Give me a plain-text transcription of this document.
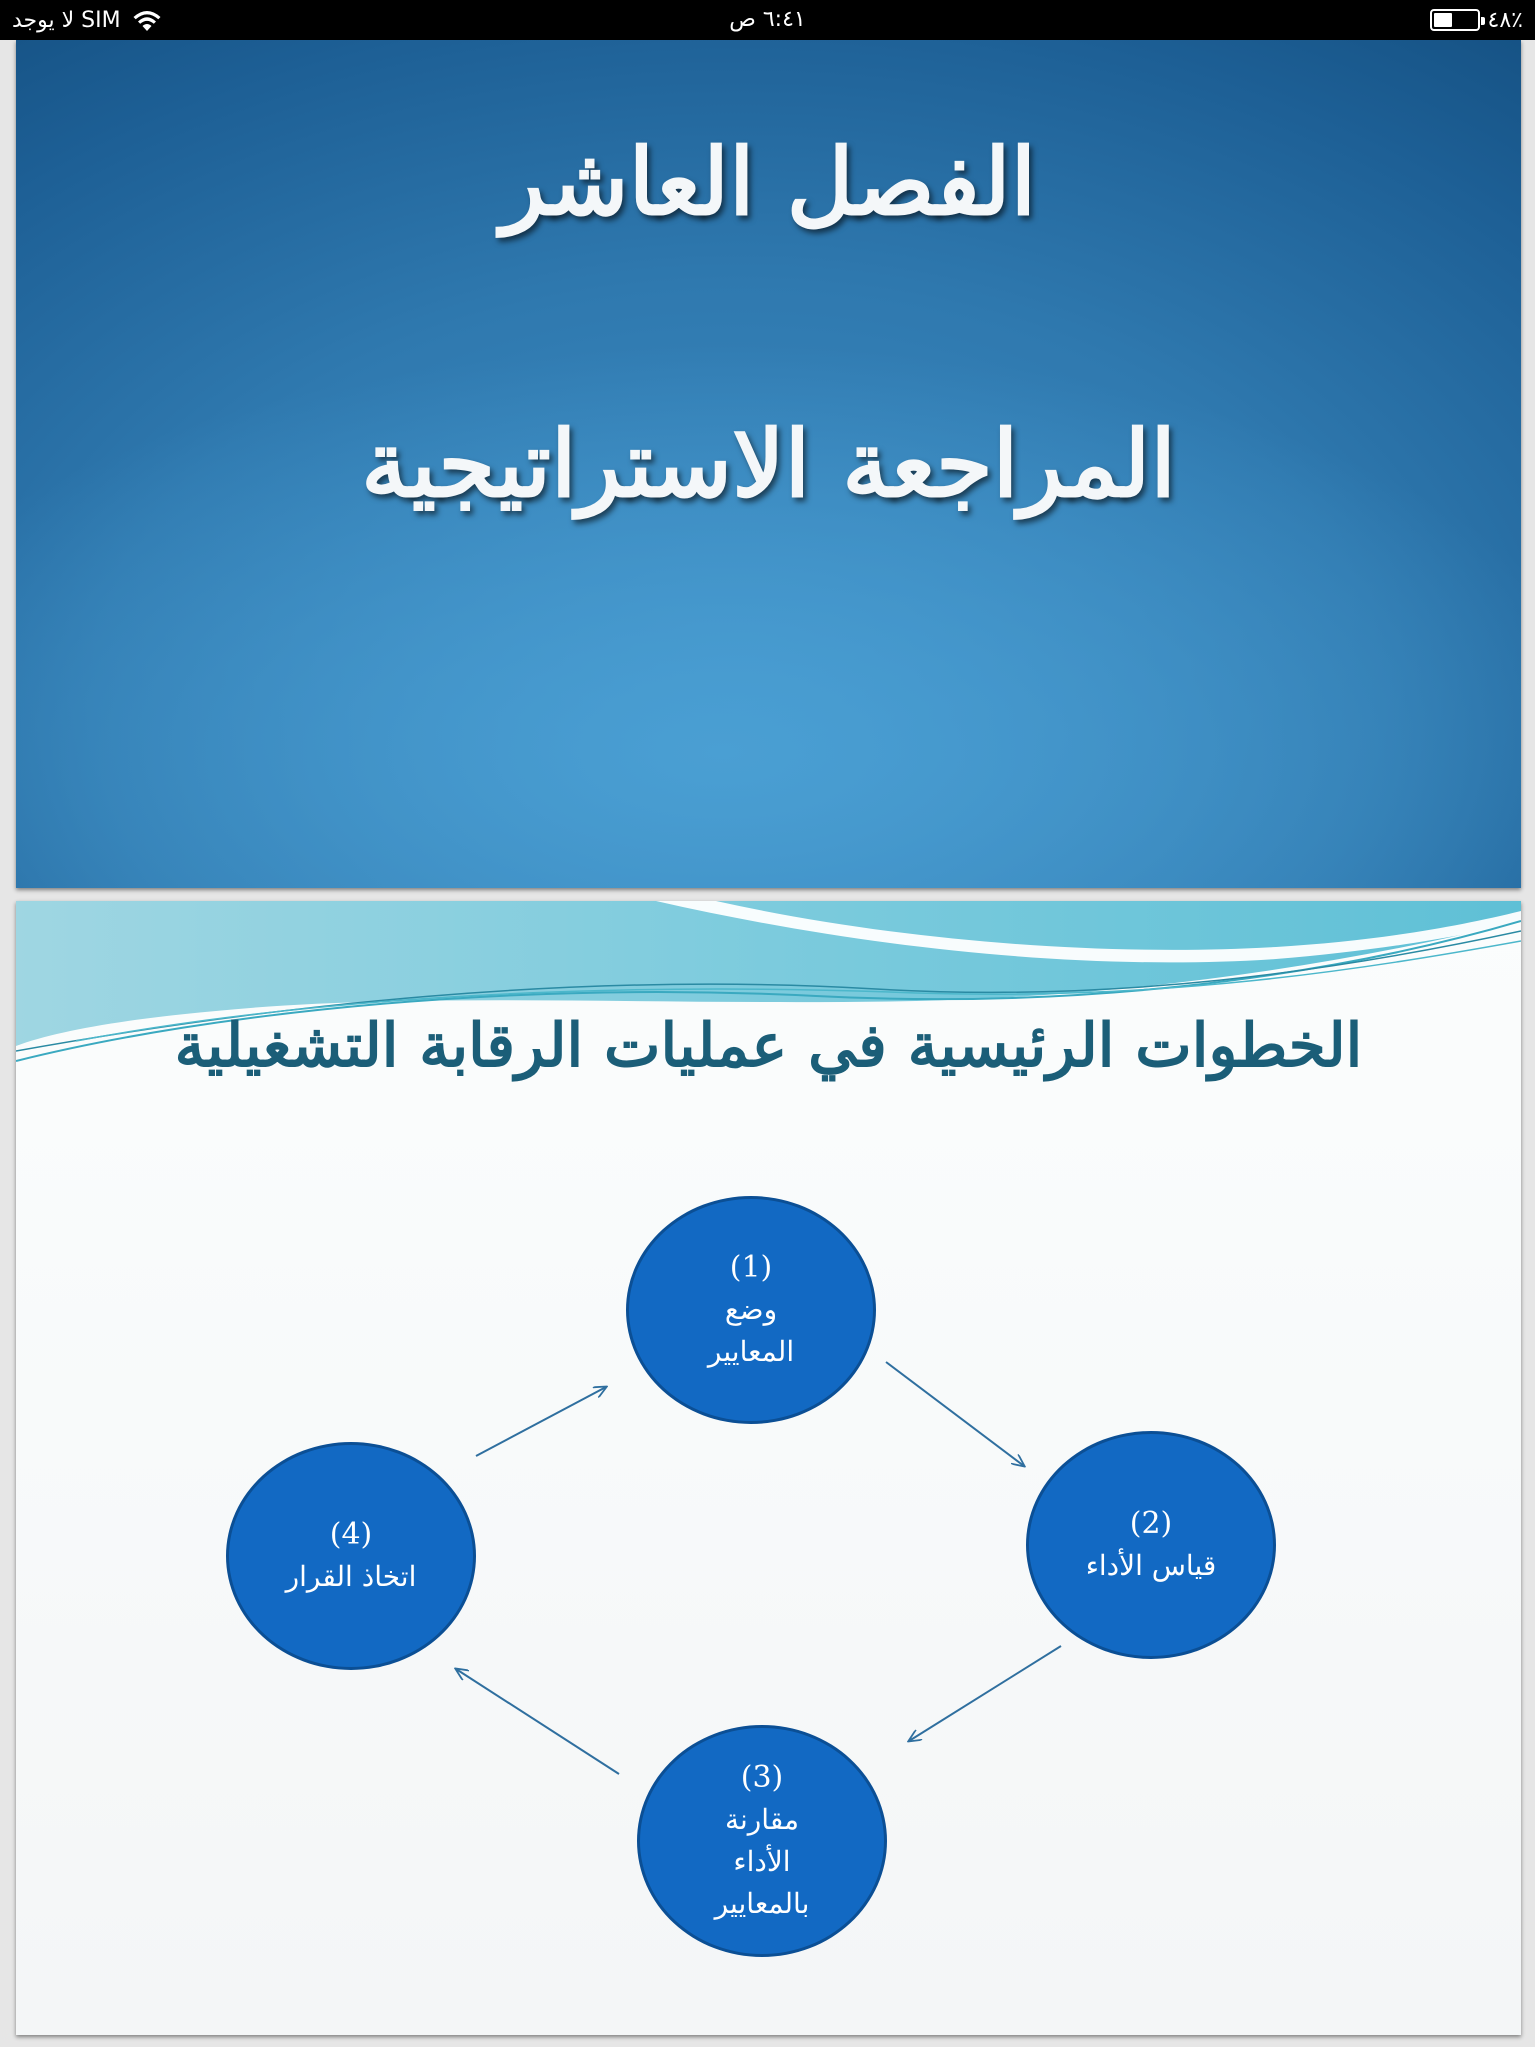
لا يوجد SIM	٦:٤١ ص	٤٨٪
الفصل العاشر
المراجعة الاستراتيجية
الخطوات الرئيسية في عمليات الرقابة التشغيلية
(1)
وضع المعايير
(2)
قياس الأداء
(3)
مقارنة الأداء بالمعايير
(4)
اتخاذ القرار
